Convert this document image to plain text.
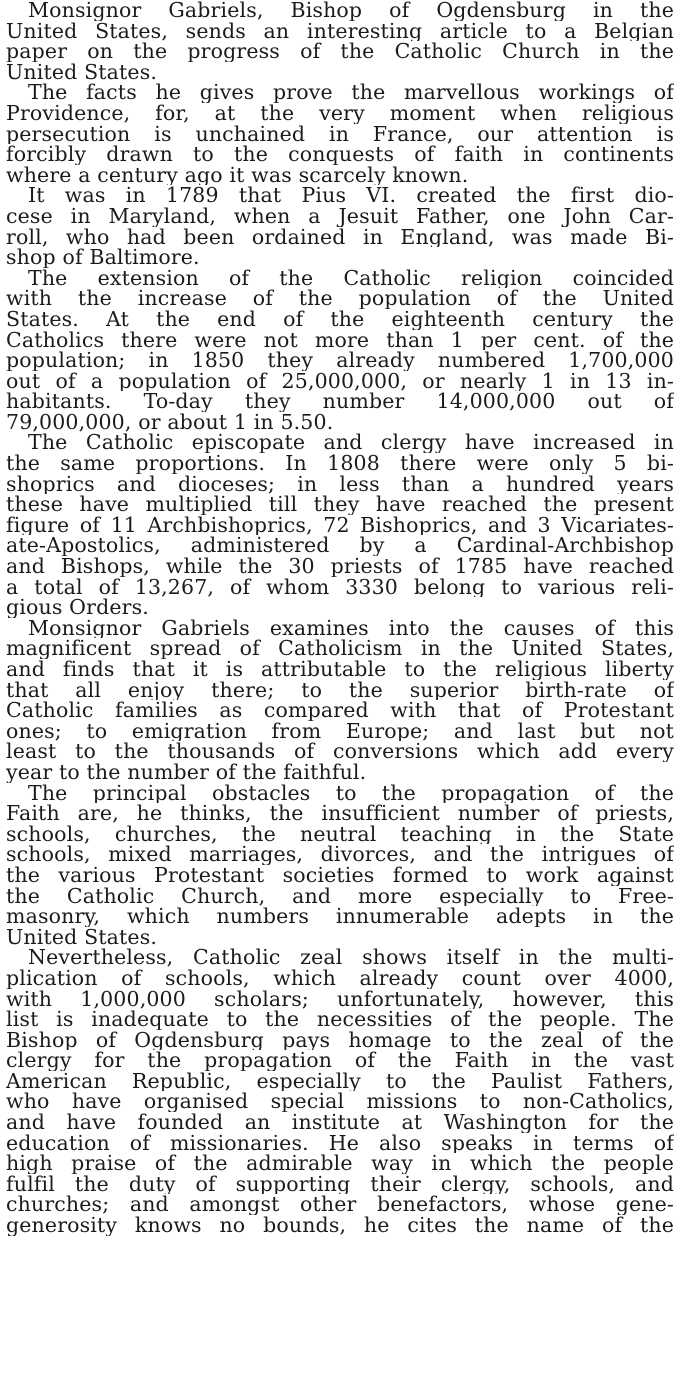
Monsignor Gabriels, Bishop of Ogdensburg in the
United States, sends an interesting article to a Belgian
paper on the progress of the Catholic Church in the
United States.

The facts he gives prove the marvellous workings of
Providence, for, at the very moment when religious
persecution is unchained in France, our attention is
forcibly drawn to the conquests of faith in continents
where a century ago it was scarcely known.

It was in 1789 that Pius VI. created the first dio-
cese in Maryland, when a Jesuit Father, one John Car-
roll, who had been ordained in England, was made Bi-
shop of Baltimore.

The extension of the Catholic religion coincided
with the increase of the population of the United
States. At the end of the eighteenth century the
Catholics there were not more than 1 per cent. of the
population; in 1850 they already numbered 1,700,000
out of a population of 25,000,000, or nearly 1 in 13 in-
habitants. To-day they number 14,000,000 out of
79,000,000, or about 1 in 5.50.

The Catholic episcopate and clergy have increased in
the same proportions. In 1808 there were only 5 bi-
shoprics and dioceses; in less than a hundred years
these have multiplied till they have reached the present
figure of 11 Archbishoprics, 72 Bishoprics, and 3 Vicariates-
ate-Apostolics, administered by a Cardinal-Archbishop
and Bishops, while the 30 priests of 1785 have reached
a total of 13,267, of whom 3330 belong to various reli-
gious Orders.

Monsignor Gabriels examines into the causes of this
magnificent spread of Catholicism in the United States,
and finds that it is attributable to the religious liberty
that all enjoy there; to the superior birth-rate of
Catholic families as compared with that of Protestant
ones; to emigration from Europe; and last but not
least to the thousands of conversions which add every
year to the number of the faithful.

The principal obstacles to the propagation of the
Faith are, he thinks, the insufficient number of priests,
schools, churches, the neutral teaching in the State
schools, mixed marriages, divorces, and the intrigues of
the various Protestant societies formed to work against
the Catholic Church, and more especially to Free-
masonry, which numbers innumerable adepts in the
United States.

Nevertheless, Catholic zeal shows itself in the multi-
plication of schools, which already count over 4000,
with 1,000,000 scholars; unfortunately, however, this
list is inadequate to the necessities of the people. The
Bishop of Ogdensburg pays homage to the zeal of the
clergy for the propagation of the Faith in the vast
American Republic, especially to the Paulist Fathers,
who have organised special missions to non-Catholics,
and have founded an institute at Washington for the
education of missionaries. He also speaks in terms of
high praise of the admirable way in which the people
fulfil the duty of supporting their clergy, schools, and
churches; and amongst other benefactors, whose gene-
generosity knows no bounds, he cites the name of the
